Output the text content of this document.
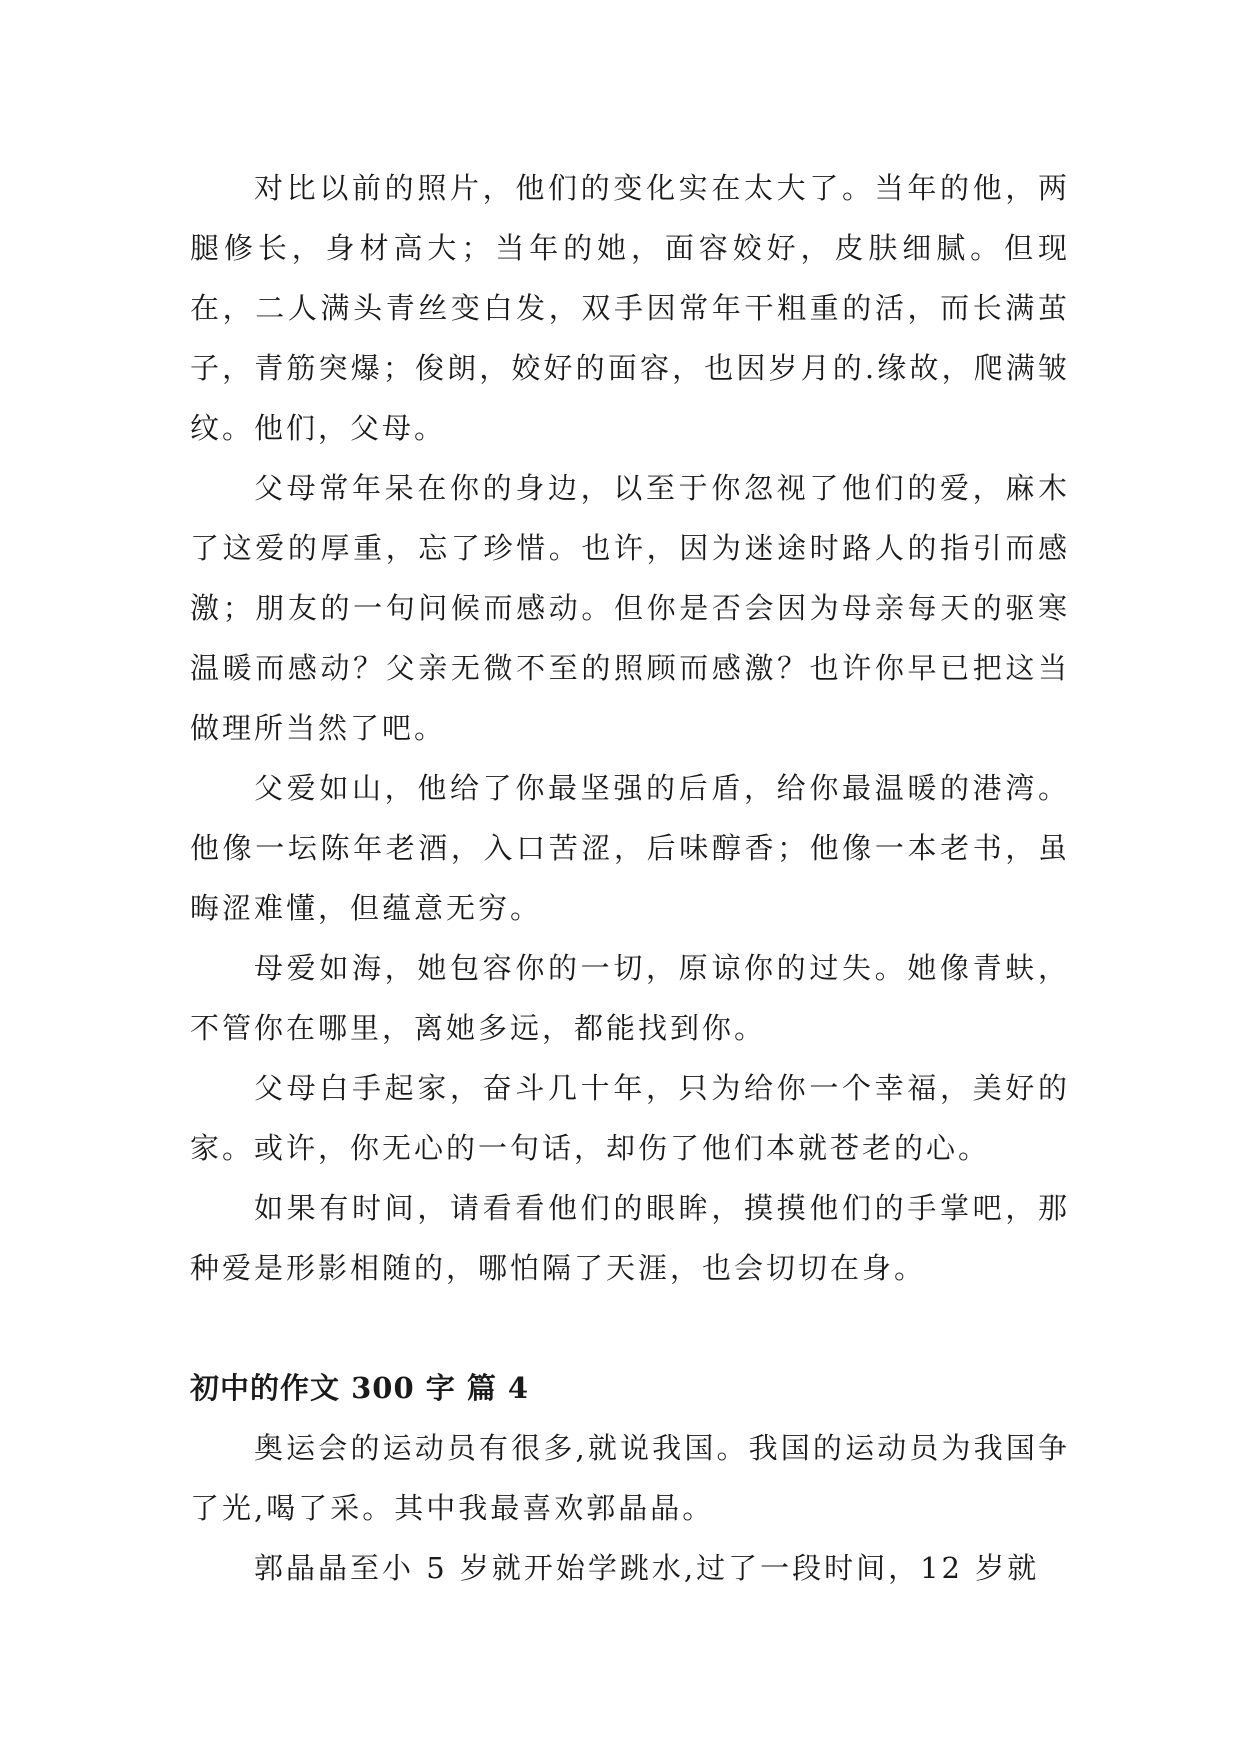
对比以前的照片，他们的变化实在太大了。当年的他，两腿修长，身材高大；当年的她，面容姣好，皮肤细腻。但现在，二人满头青丝变白发，双手因常年干粗重的活，而长满茧子，青筋突爆；俊朗，姣好的面容，也因岁月的.缘故，爬满皱纹。他们，父母。

父母常年呆在你的身边，以至于你忽视了他们的爱，麻木了这爱的厚重，忘了珍惜。也许，因为迷途时路人的指引而感激；朋友的一句问候而感动。但你是否会因为母亲每天的驱寒温暖而感动？父亲无微不至的照顾而感激？也许你早已把这当做理所当然了吧。

父爱如山，他给了你最坚强的后盾，给你最温暖的港湾。他像一坛陈年老酒，入口苦涩，后味醇香；他像一本老书，虽晦涩难懂，但蕴意无穷。

母爱如海，她包容你的一切，原谅你的过失。她像青蚨，不管你在哪里，离她多远，都能找到你。

父母白手起家，奋斗几十年，只为给你一个幸福，美好的家。或许，你无心的一句话，却伤了他们本就苍老的心。

如果有时间，请看看他们的眼眸，摸摸他们的手掌吧，那种爱是形影相随的，哪怕隔了天涯，也会切切在身。

初中的作文 300 字 篇 4

奥运会的运动员有很多,就说我国。我国的运动员为我国争了光,喝了采。其中我最喜欢郭晶晶。

郭晶晶至小 5 岁就开始学跳水,过了一段时间，12 岁就
